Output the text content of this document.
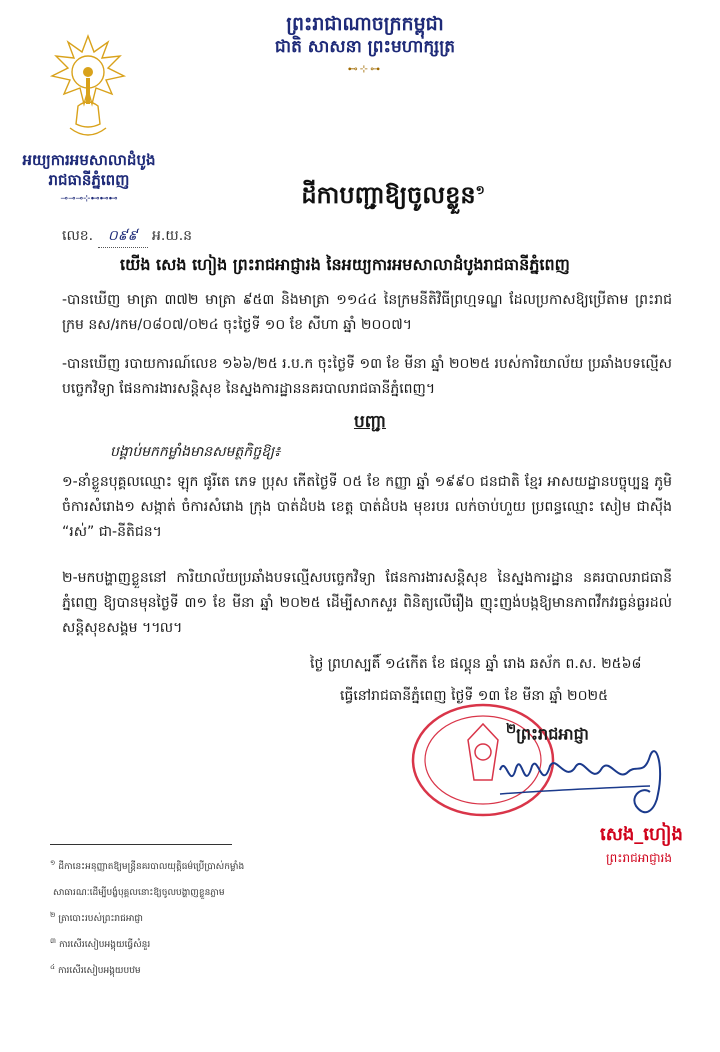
ព្រះរាជាណាចក្រកម្ពុជា
ជាតិ សាសនា ព្រះមហាក្សត្រ
⊷⊹⊶
អយ្យការអមសាលាដំបូង
រាជធានីភ្នំពេញ
⊸⊸⊸⊹⊷⊷⊷	ដីកាបញ្ជាឱ្យចូលខ្លួន$^១$
លេខ. ០៩៩ អ.យ.ន
យើង សេង ហៀង ព្រះរាជអាជ្ញារង នៃអយ្យការអមសាលាដំបូងរាជធានីភ្នំពេញ
-បានឃើញ មាត្រា ៣៧២ មាត្រា ៩៥៣ និងមាត្រា ១១៤៤ នៃក្រមនីតិវិធីព្រហ្មទណ្ឌ ដែលប្រកាសឱ្យប្រើតាម ព្រះរាជក្រម នស/រកម/០៨០៧/០២៤ ចុះថ្ងៃទី ១០ ខែ សីហា ឆ្នាំ ២០០៧។
-បានឃើញ របាយការណ៍លេខ ១៦៦/២៥ រ.ប.ក ចុះថ្ងៃទី ១៣ ខែ មីនា ឆ្នាំ ២០២៥ របស់ការិយាល័យ ប្រឆាំងបទល្មើសបច្ចេកវិទ្យា ផែនការងារសន្តិសុខ នៃស្នងការដ្ឋាននគរបាលរាជធានីភ្នំពេញ។
បញ្ជា
បង្គាប់មកកម្លាំងមានសមត្ថកិច្ចឱ្យ៖
១-នាំខ្លួនបុគ្គលឈ្មោះ ឡុក ផូរីតេ ភេទ ប្រុស កើតថ្ងៃទី ០៥ ខែ កញ្ញា ឆ្នាំ ១៩៩០ ជនជាតិ ខ្មែរ អាសយដ្ឋានបច្ចុប្បន្ន ភូមិ ចំការសំរោង១ សង្កាត់ ចំការសំរោង ក្រុង បាត់ដំបង ខេត្ត បាត់ដំបង មុខរបរ លក់ចាប់ហួយ ប្រពន្ធឈ្មោះ សៀម ជាស៊ីង “រស់” ជា-នីតិជន។
២-មកបង្ហាញខ្លួននៅ ការិយាល័យប្រឆាំងបទល្មើសបច្ចេកវិទ្យា ផែនការងារសន្តិសុខ នៃស្នងការដ្ឋាន នគរបាលរាជធានីភ្នំពេញ ឱ្យបានមុនថ្ងៃទី ៣១ ខែ មីនា ឆ្នាំ ២០២៥ ដើម្បីសាកសួរ ពិនិត្យលើរឿង ញុះញង់បង្កឱ្យមានភាពវឹកវរធ្ងន់ធ្ងរដល់សន្តិសុខសង្គម ។៘
ថ្ងៃ ព្រហស្បតិ៍ ១៤កើត ខែ ផល្គុន ឆ្នាំ រោង ឆស័ក ព.ស. ២៥៦៨
ធ្វើនៅរាជធានីភ្នំពេញ ថ្ងៃទី ១៣ ខែ មីនា ឆ្នាំ ២០២៥
$^២$ព្រះរាជអាជ្ញា
សេង_ហៀង
ព្រះរាជអាជ្ញារង

$^១$ ដីកានេះអនុញ្ញាតឱ្យមន្ត្រីនគរបាលយុត្តិធម៌ប្រើប្រាស់កម្លាំង

សាធារណៈដើម្បីបង្ខំបុគ្គលនោះឱ្យចូលបង្ហាញខ្លួនភ្លាម

$^២$ ត្រាបោះរបស់ព្រះរាជអាជ្ញា

$^៣$ ការសើរសៀបអង្គុយធ្វើសំនួរ

$^៤$ ការសើរសៀបអង្គុយបឋម
